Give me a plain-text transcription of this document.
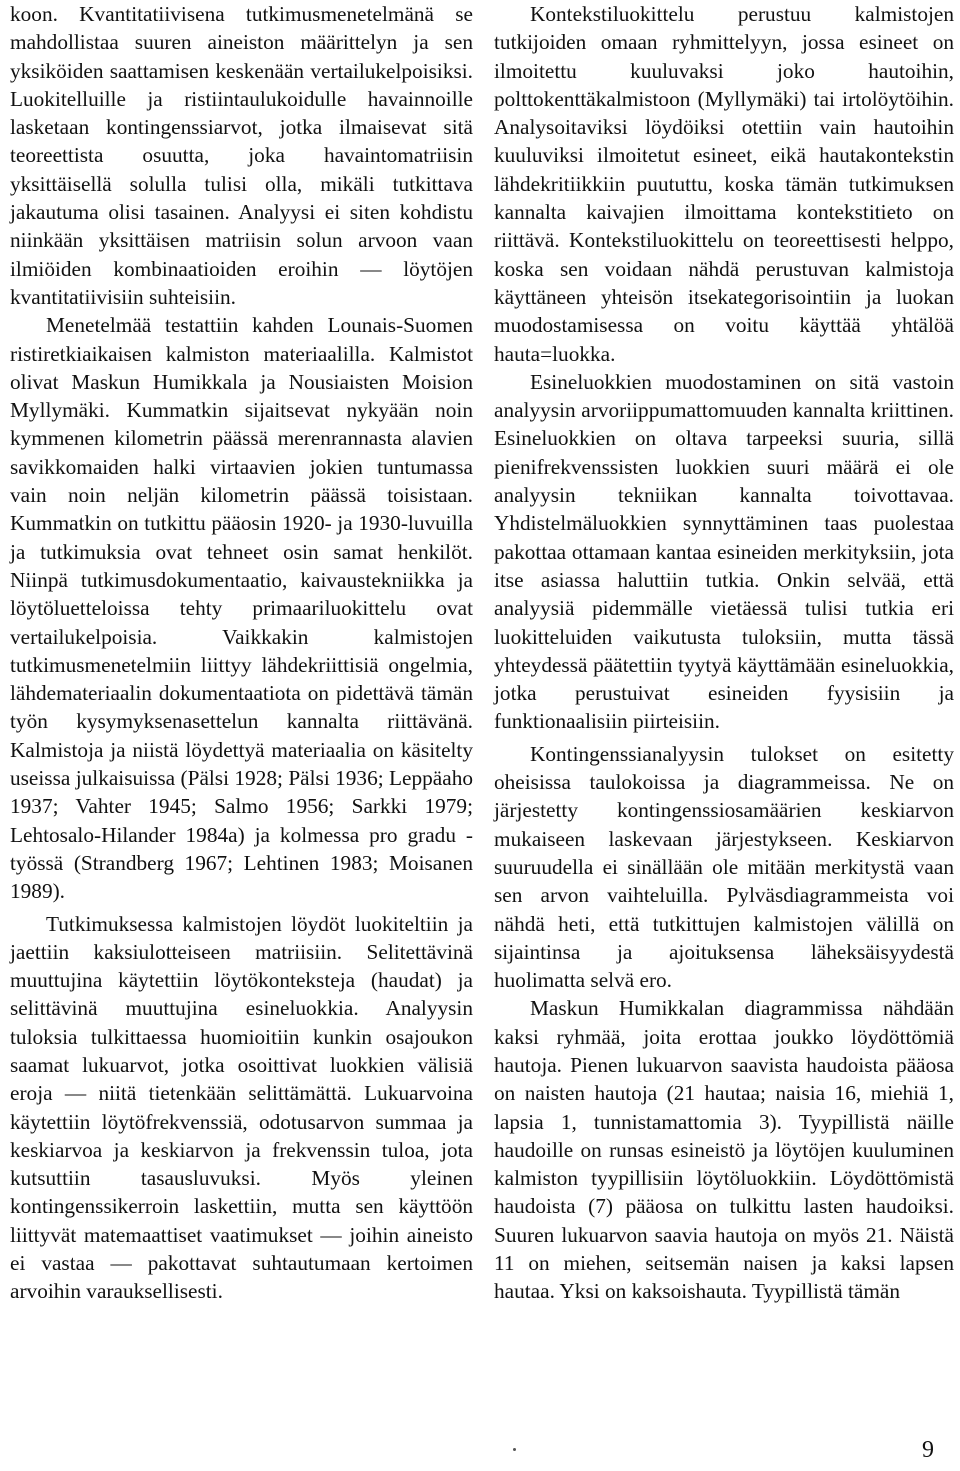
koon. Kvantitatiivisena tutkimusmenetelmänä se mahdollistaa suuren aineiston määrittelyn ja sen yksiköiden saattamisen keskenään vertailukelpoisiksi. Luokitelluille ja ristiintaulukoidulle havainnoille lasketaan kontingenssiarvot, jotka ilmaisevat sitä teoreettista osuutta, joka havaintomatriisin yksittäisellä solulla tulisi olla, mikäli tutkittava jakautuma olisi tasainen. Analyysi ei siten kohdistu niinkään yksittäisen matriisin solun arvoon vaan ilmiöiden kombinaatioiden eroihin — löytöjen kvantitatiivisiin suhteisiin.

Menetelmää testattiin kahden Lounais-Suomen ristiretkiaikaisen kalmiston materiaalilla. Kalmistot olivat Maskun Humikkala ja Nousiaisten Moision Myllymäki. Kummatkin sijaitsevat nykyään noin kymmenen kilometrin päässä merenrannasta alavien savikkomaiden halki virtaavien jokien tuntumassa vain noin neljän kilometrin päässä toisistaan. Kummatkin on tutkittu pääosin 1920- ja 1930-luvuilla ja tutkimuksia ovat tehneet osin samat henkilöt. Niinpä tutkimusdokumentaatio, kaivaustekniikka ja löytöluetteloissa tehty primaariluokittelu ovat vertailukelpoisia. Vaikkakin kalmistojen tutkimusmenetelmiin liittyy lähdekriittisiä ongelmia, lähdemateriaalin dokumentaatiota on pidettävä tämän työn kysymyksenasettelun kannalta riittävänä. Kalmistoja ja niistä löydettyä materiaalia on käsitelty useissa julkaisuissa (Pälsi 1928; Pälsi 1936; Leppäaho 1937; Vahter 1945; Salmo 1956; Sarkki 1979; Lehtosalo-Hilander 1984a) ja kolmessa pro gradu -työssä (Strandberg 1967; Lehtinen 1983; Moisanen 1989).

Tutkimuksessa kalmistojen löydöt luokiteltiin ja jaettiin kaksiulotteiseen matriisiin. Selitettävinä muuttujina käytettiin löytökonteksteja (haudat) ja selittävinä muuttujina esineluokkia. Analyysin tuloksia tulkittaessa huomioitiin kunkin osajoukon saamat lukuarvot, jotka osoittivat luokkien välisiä eroja — niitä tietenkään selittämättä. Lukuarvoina käytettiin löytöfrekvenssiä, odotusarvon summaa ja keskiarvoa ja keskiarvon ja frekvenssin tuloa, jota kutsuttiin tasausluvuksi. Myös yleinen kontingenssikerroin laskettiin, mutta sen käyttöön liittyvät matemaattiset vaatimukset — joihin aineisto ei vastaa — pakottavat suhtautumaan kertoimen arvoihin varauksellisesti.

Kontekstiluokittelu perustuu kalmistojen tutkijoiden omaan ryhmittelyyn, jossa esineet on ilmoitettu kuuluvaksi joko hautoihin, polttokenttäkalmistoon (Myllymäki) tai irtolöytöihin. Analysoitaviksi löydöiksi otettiin vain hautoihin kuuluviksi ilmoitetut esineet, eikä hautakontekstin lähdekritiikkiin puututtu, koska tämän tutkimuksen kannalta kaivajien ilmoittama kontekstitieto on riittävä. Kontekstiluokittelu on teoreettisesti helppo, koska sen voidaan nähdä perustuvan kalmistoja käyttäneen yhteisön itsekategorisointiin ja luokan muodostamisessa on voitu käyttää yhtälöä hauta=luokka.

Esineluokkien muodostaminen on sitä vastoin analyysin arvoriippumattomuuden kannalta kriittinen. Esineluokkien on oltava tarpeeksi suuria, sillä pienifrekvenssisten luokkien suuri määrä ei ole analyysin tekniikan kannalta toivottavaa. Yhdistelmäluokkien synnyttäminen taas puolestaa pakottaa ottamaan kantaa esineiden merkityksiin, jota itse asiassa haluttiin tutkia. Onkin selvää, että analyysiä pidemmälle vietäessä tulisi tutkia eri luokitteluiden vaikutusta tuloksiin, mutta tässä yhteydessä päätettiin tyytyä käyttämään esineluokkia, jotka perustuivat esineiden fyysisiin ja funktionaalisiin piirteisiin.

Kontingenssianalyysin tulokset on esitetty oheisissa taulokoissa ja diagrammeissa. Ne on järjestetty kontingenssiosamäärien keskiarvon mukaiseen laskevaan järjestykseen. Keskiarvon suuruudella ei sinällään ole mitään merkitystä vaan sen arvon vaihteluilla. Pylväsdiagrammeista voi nähdä heti, että tutkittujen kalmistojen välillä on sijaintinsa ja ajoituksensa läheksäisyydestä huolimatta selvä ero.

Maskun Humikkalan diagrammissa nähdään kaksi ryhmää, joita erottaa joukko löydöttömiä hautoja. Pienen lukuarvon saavista haudoista pääosa on naisten hautoja (21 hautaa; naisia 16, miehiä 1, lapsia 1, tunnistamattomia 3). Tyypillistä näille haudoille on runsas esineistö ja löytöjen kuuluminen kalmiston tyypillisiin löytöluokkiin. Löydöttömistä haudoista (7) pääosa on tulkittu lasten haudoiksi. Suuren lukuarvon saavia hautoja on myös 21. Näistä 11 on miehen, seitsemän naisen ja kaksi lapsen hautaa. Yksi on kaksoishauta. Tyypillistä tämän

9
